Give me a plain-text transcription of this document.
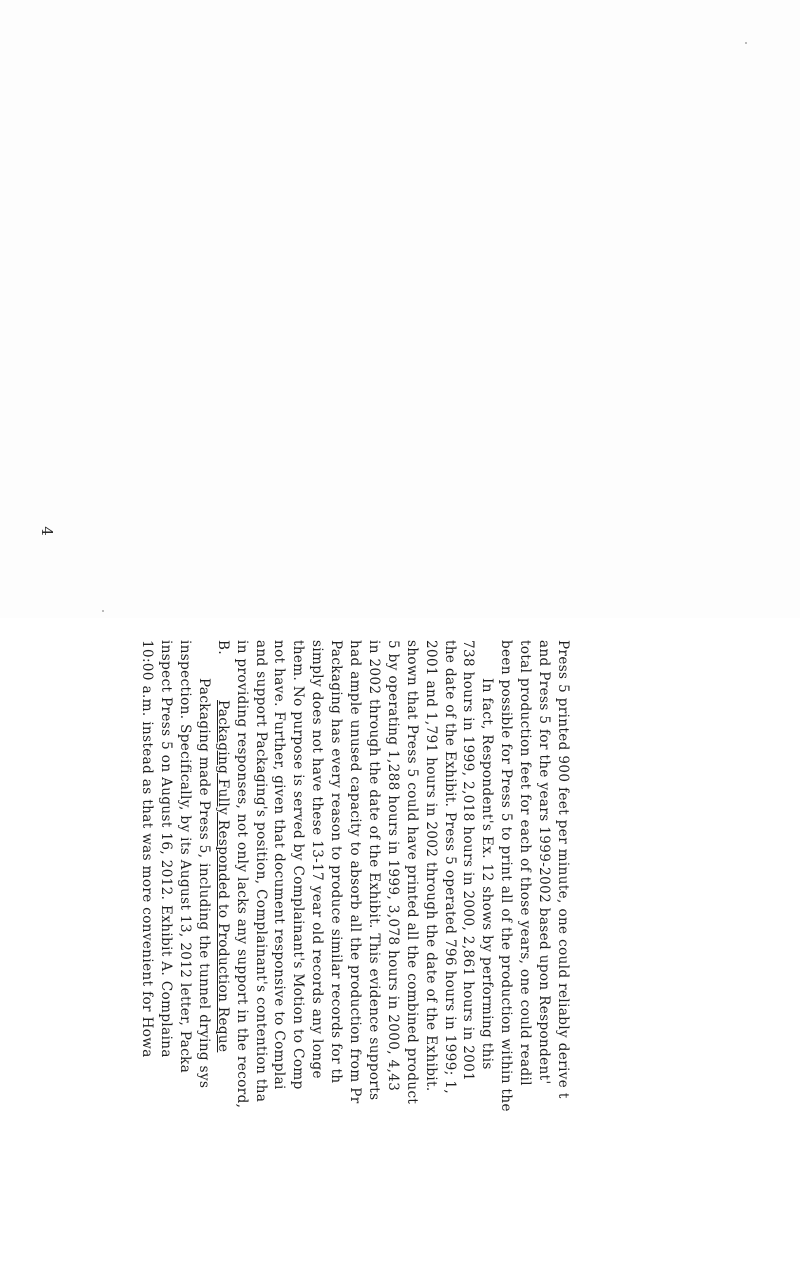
Press 5 printed 900 feet per minute, one could reliably derive t
and Press 5 for the years 1999-2002 based upon Respondent'
total production feet for each of those years, one could readil
been possible for Press 5 to print all of the production within the
In fact, Respondent's Ex. 12 shows by performing this
738 hours in 1999, 2,018 hours in 2000, 2,861 hours in 2001
the date of the Exhibit. Press 5 operated 796 hours in 1999; 1,
2001 and 1,791 hours in 2002 through the date of the Exhibit.
shown that Press 5 could have printed all the combined product
5 by operating 1,288 hours in 1999, 3,078 hours in 2000, 4,43
in 2002 through the date of the Exhibit. This evidence supports
had ample unused capacity to absorb all the production from Pr
Packaging has every reason to produce similar records for th
simply does not have these 13-17 year old records any longe
them. No purpose is served by Complainant's Motion to Comp
not have. Further, given that document responsive to Complai
and support Packaging's position, Complainant's contention tha
in providing responses, not only lacks any support in the record,
B.Packaging Fully Responded to Production Reque
Packaging made Press 5, including the tunnel drying sys
inspection. Specifically, by its August 13, 2012 letter, Packa
inspect Press 5 on August 16, 2012. Exhibit A. Complaina
10:00 a.m. instead as that was more convenient for Howa
4
